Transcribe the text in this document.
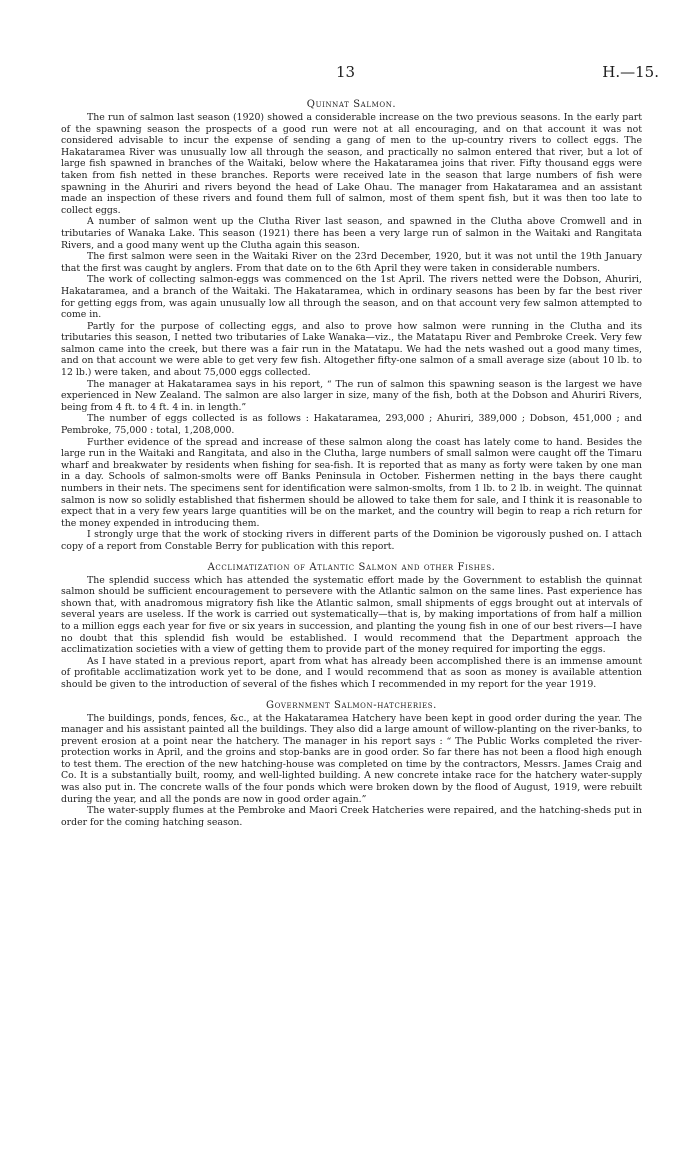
13	H.—15.
Quinnat Salmon.

The run of salmon last season (1920) showed a considerable increase on the two previous seasons. In the early part of the spawning season the prospects of a good run were not at all encouraging, and on that account it was not considered advisable to incur the expense of sending a gang of men to the up-country rivers to collect eggs. The Hakataramea River was unusually low all through the season, and practically no salmon entered that river, but a lot of large fish spawned in branches of the Waitaki, below where the Hakataramea joins that river. Fifty thousand eggs were taken from fish netted in these branches. Reports were received late in the season that large numbers of fish were spawning in the Ahuriri and rivers beyond the head of Lake Ohau. The manager from Hakataramea and an assistant made an inspection of these rivers and found them full of salmon, most of them spent fish, but it was then too late to collect eggs.

A number of salmon went up the Clutha River last season, and spawned in the Clutha above Cromwell and in tributaries of Wanaka Lake. This season (1921) there has been a very large run of salmon in the Waitaki and Rangitata Rivers, and a good many went up the Clutha again this season.

The first salmon were seen in the Waitaki River on the 23rd December, 1920, but it was not until the 19th January that the first was caught by anglers. From that date on to the 6th April they were taken in considerable numbers.

The work of collecting salmon-eggs was commenced on the 1st April. The rivers netted were the Dobson, Ahuriri, Hakataramea, and a branch of the Waitaki. The Hakataramea, which in ordinary seasons has been by far the best river for getting eggs from, was again unusually low all through the season, and on that account very few salmon attempted to come in.

Partly for the purpose of collecting eggs, and also to prove how salmon were running in the Clutha and its tributaries this season, I netted two tributaries of Lake Wanaka—viz., the Matatapu River and Pembroke Creek. Very few salmon came into the creek, but there was a fair run in the Matatapu. We had the nets washed out a good many times, and on that account we were able to get very few fish. Altogether fifty-one salmon of a small average size (about 10 lb. to 12 lb.) were taken, and about 75,000 eggs collected.

The manager at Hakataramea says in his report, “ The run of salmon this spawning season is the largest we have experienced in New Zealand. The salmon are also larger in size, many of the fish, both at the Dobson and Ahuriri Rivers, being from 4 ft. to 4 ft. 4 in. in length.”

The number of eggs collected is as follows : Hakataramea, 293,000 ; Ahuriri, 389,000 ; Dobson, 451,000 ; and Pembroke, 75,000 : total, 1,208,000.

Further evidence of the spread and increase of these salmon along the coast has lately come to hand. Besides the large run in the Waitaki and Rangitata, and also in the Clutha, large numbers of small salmon were caught off the Timaru wharf and breakwater by residents when fishing for sea-fish. It is reported that as many as forty were taken by one man in a day. Schools of salmon-smolts were off Banks Peninsula in October. Fishermen netting in the bays there caught numbers in their nets. The specimens sent for identification were salmon-smolts, from 1 lb. to 2 lb. in weight. The quinnat salmon is now so solidly established that fishermen should be allowed to take them for sale, and I think it is reasonable to expect that in a very few years large quantities will be on the market, and the country will begin to reap a rich return for the money expended in introducing them.

I strongly urge that the work of stocking rivers in different parts of the Dominion be vigorously pushed on. I attach copy of a report from Constable Berry for publication with this report.

Acclimatization of Atlantic Salmon and other Fishes.

The splendid success which has attended the systematic effort made by the Government to establish the quinnat salmon should be sufficient encouragement to persevere with the Atlantic salmon on the same lines. Past experience has shown that, with anadromous migratory fish like the Atlantic salmon, small shipments of eggs brought out at intervals of several years are useless. If the work is carried out systematically—that is, by making importations of from half a million to a million eggs each year for five or six years in succession, and planting the young fish in one of our best rivers—I have no doubt that this splendid fish would be established. I would recommend that the Department approach the acclimatization societies with a view of getting them to provide part of the money required for importing the eggs.

As I have stated in a previous report, apart from what has already been accomplished there is an immense amount of profitable acclimatization work yet to be done, and I would recommend that as soon as money is available attention should be given to the introduction of several of the fishes which I recommended in my report for the year 1919.

Government Salmon-hatcheries.

The buildings, ponds, fences, &c., at the Hakataramea Hatchery have been kept in good order during the year. The manager and his assistant painted all the buildings. They also did a large amount of willow-planting on the river-banks, to prevent erosion at a point near the hatchery. The manager in his report says : “ The Public Works completed the river-protection works in April, and the groins and stop-banks are in good order. So far there has not been a flood high enough to test them. The erection of the new hatching-house was completed on time by the contractors, Messrs. James Craig and Co. It is a substantially built, roomy, and well-lighted building. A new concrete intake race for the hatchery water-supply was also put in. The concrete walls of the four ponds which were broken down by the flood of August, 1919, were rebuilt during the year, and all the ponds are now in good order again.”

The water-supply flumes at the Pembroke and Maori Creek Hatcheries were repaired, and the hatching-sheds put in order for the coming hatching season.
